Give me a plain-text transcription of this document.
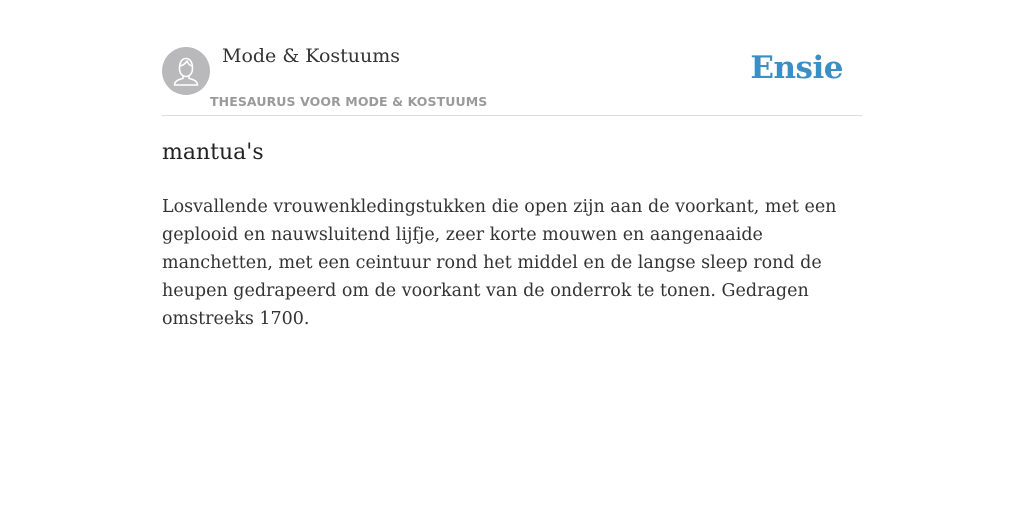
Mode & Kostuums
THESAURUS VOOR MODE & KOSTUUMS
Ensie
mantua's

Losvallende vrouwenkledingstukken die open zijn aan de voorkant, met een geplooid en nauwsluitend lijfje, zeer korte mouwen en aangenaaide manchetten, met een ceintuur rond het middel en de langse sleep rond de heupen gedrapeerd om de voorkant van de onderrok te tonen. Gedragen omstreeks 1700.
